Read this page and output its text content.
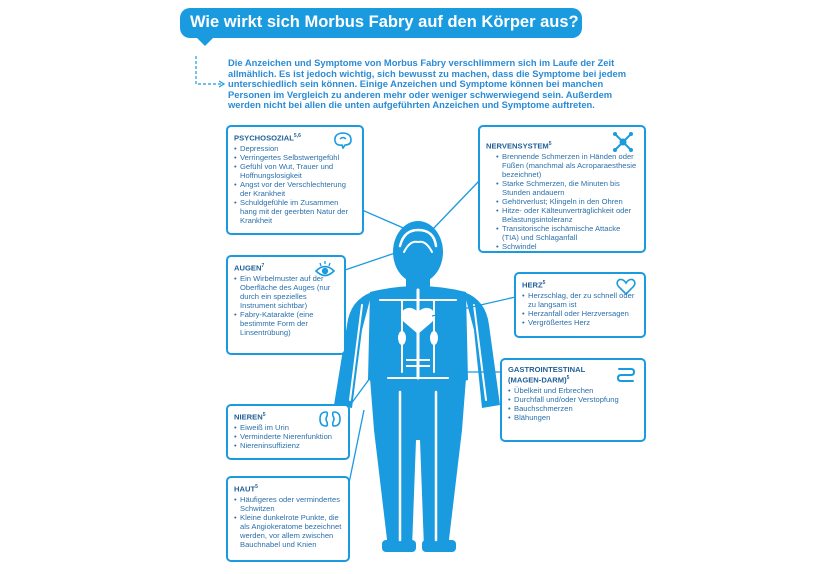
Wie wirkt sich Morbus Fabry auf den Körper aus?
Die Anzeichen und Symptome von Morbus Fabry verschlimmern sich im Laufe der Zeit allmählich. Es ist jedoch wichtig, sich bewusst zu machen, dass die Symptome bei jedem unterschiedlich sein können. Einige Anzeichen und Symptome können bei manchen Personen im Vergleich zu anderen mehr oder weniger schwerwiegend sein. Außerdem werden nicht bei allen die unten aufgeführten Anzeichen und Symptome auftreten.
PSYCHOSOZIAL$^{5,6}$
• Depression
• Verringertes Selbstwertgefühl
• Gefühl von Wut, Trauer und Hoffnungslosigkeit
• Angst vor der Verschlechterung der Krankheit
• Schuldgefühle im Zusammen hang mit der geerbten Natur der Krankheit
NERVENSYSTEM$^5$
• Brennende Schmerzen in Händen oder Füßen (manchmal als Acroparaesthesie bezeichnet)
• Starke Schmerzen, die Minuten bis Stunden andauern
• Gehörverlust; Klingeln in den Ohren
• Hitze- oder Kälteunverträglichkeit oder Belastungsintoleranz
• Transitorische ischämische Attacke (TIA) und Schlaganfall
• Schwindel
AUGEN$^7$
• Ein Wirbelmuster auf der Oberfläche des Auges (nur durch ein spezielles Instrument sichtbar)
• Fabry-Katarakte (eine bestimmte Form der Linsentrübung)
HERZ$^5$
• Herzschlag, der zu schnell oder zu langsam ist
• Herzanfall oder Herzversagen
• Vergrößertes Herz
GASTROINTESTINAL (MAGEN-DARM)$^5$
• Übelkeit und Erbrechen
• Durchfall und/oder Verstopfung
• Bauchschmerzen
• Blähungen
NIEREN$^5$
• Eiweiß im Urin
• Verminderte Nierenfunktion
• Niereninsuffizienz
HAUT$^5$
• Häufigeres oder vermindertes Schwitzen
• Kleine dunkelrote Punkte, die als Angiokeratome bezeichnet werden, vor allem zwischen Bauchnabel und Knien
